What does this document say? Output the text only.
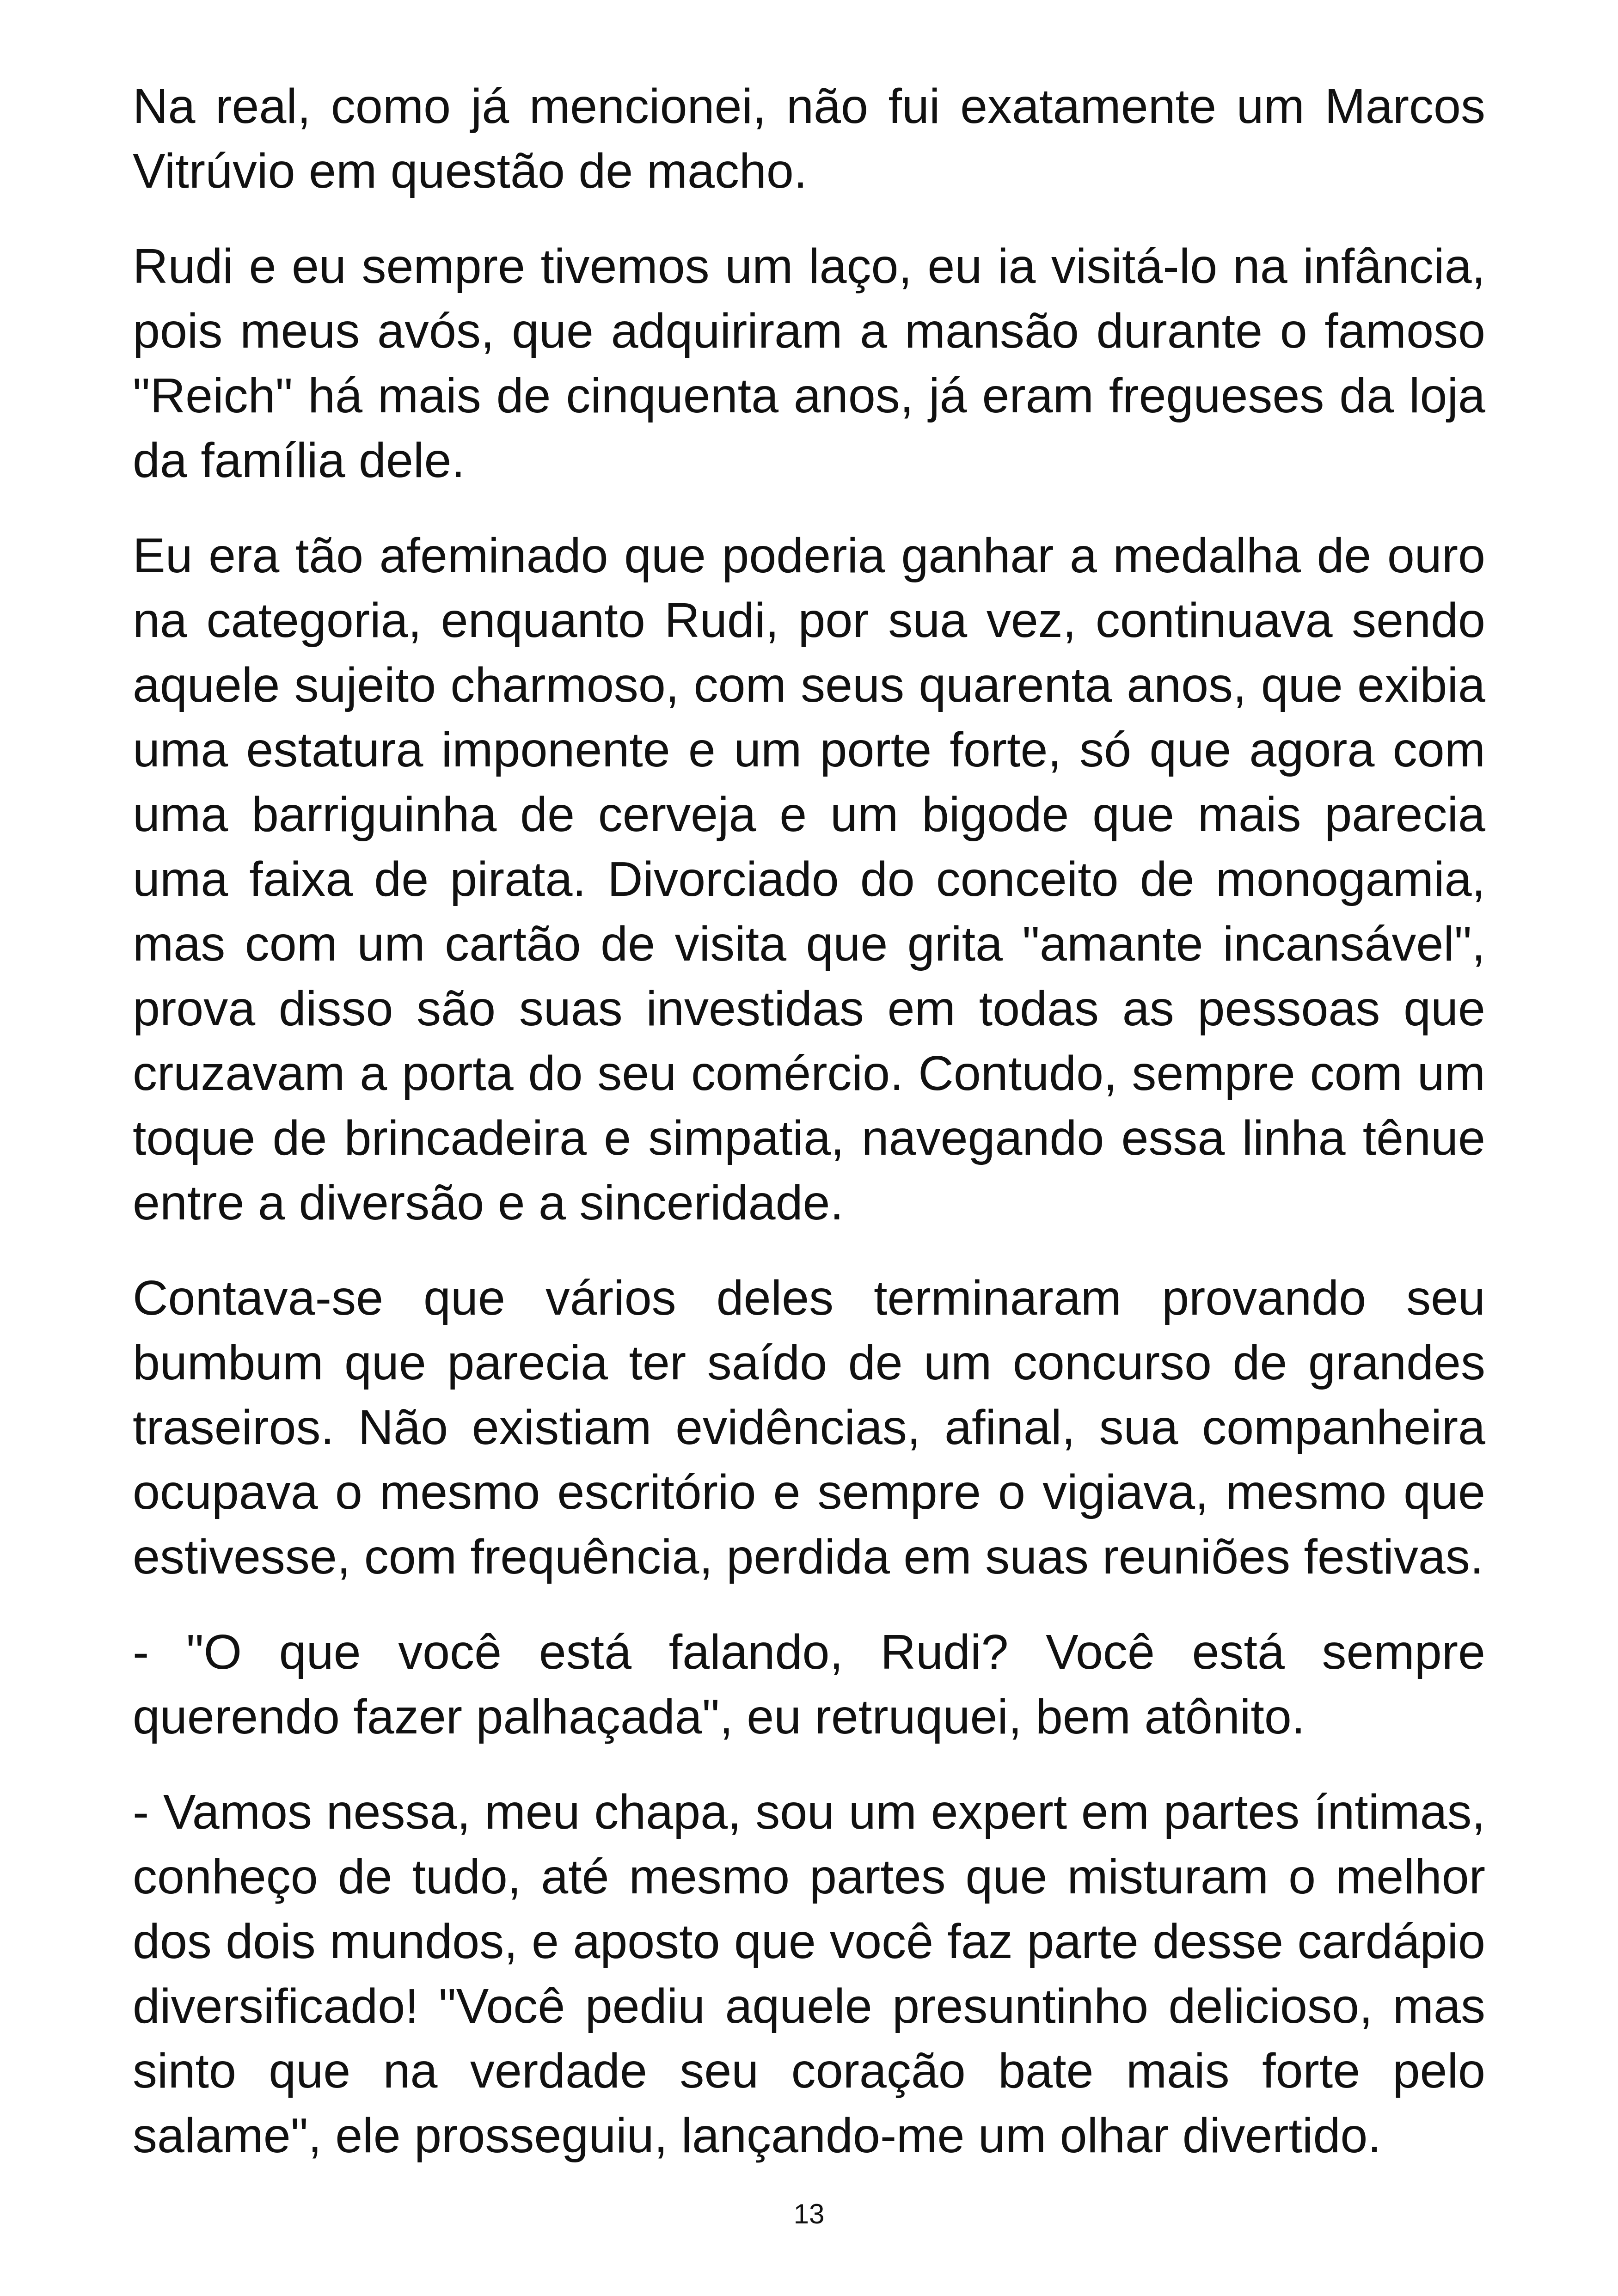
Na real, como já mencionei, não fui exatamente um Marcos Vitrúvio em questão de macho.

Rudi e eu sempre tivemos um laço, eu ia visitá-lo na infância, pois meus avós, que adquiriram a mansão durante o famoso "Reich" há mais de cinquenta anos, já eram fregueses da loja da família dele.

Eu era tão afeminado que poderia ganhar a medalha de ouro na categoria, enquanto Rudi, por sua vez, continuava sendo aquele sujeito charmoso, com seus quarenta anos, que exibia uma estatura imponente e um porte forte, só que agora com uma barriguinha de cerveja e um bigode que mais parecia uma faixa de pirata. Divorciado do conceito de monogamia, mas com um cartão de visita que grita "amante incansável", prova disso são suas investidas em todas as pessoas que cruzavam a porta do seu comércio. Contudo, sempre com um toque de brincadeira e simpatia, navegando essa linha tênue entre a diversão e a sinceridade.

Contava-se que vários deles terminaram provando seu bumbum que parecia ter saído de um concurso de grandes traseiros. Não existiam evidências, afinal, sua companheira ocupava o mesmo escritório e sempre o vigiava, mesmo que estivesse, com frequência, perdida em suas reuniões festivas.

- "O que você está falando, Rudi? Você está sempre querendo fazer palhaçada", eu retruquei, bem atônito.

- Vamos nessa, meu chapa, sou um expert em partes íntimas, conheço de tudo, até mesmo partes que misturam o melhor dos dois mundos, e aposto que você faz parte desse cardápio diversificado! "Você pediu aquele presuntinho delicioso, mas sinto que na verdade seu coração bate mais forte pelo salame", ele prosseguiu, lançando-me um olhar divertido.

13
